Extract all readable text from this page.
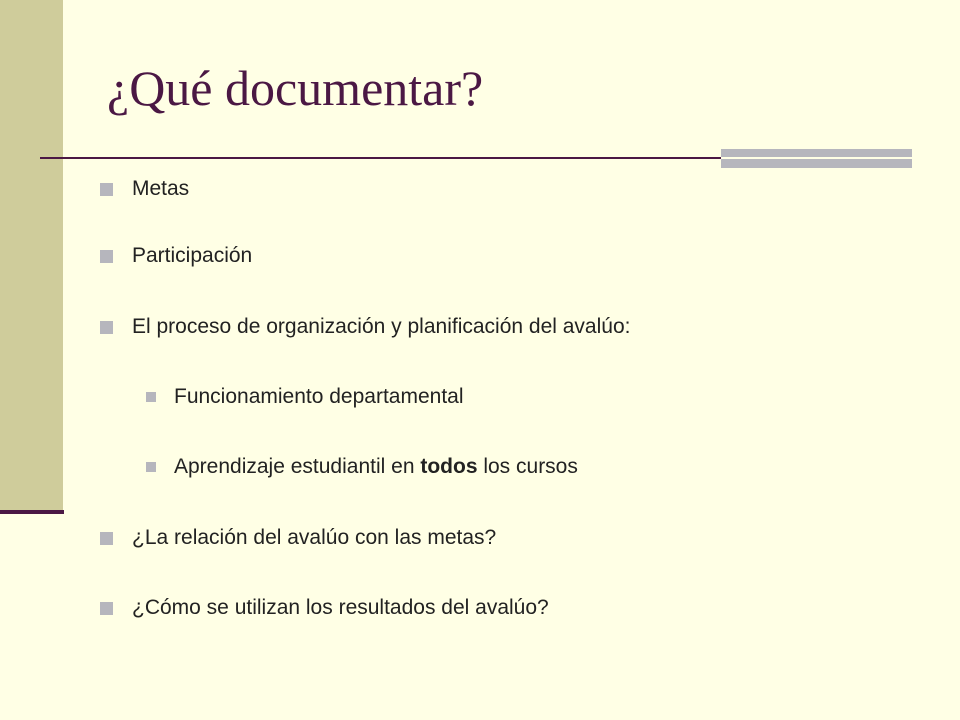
¿Qué documentar?
Metas
Participación
El proceso de organización y planificación del avalúo:
Funcionamiento departamental
Aprendizaje estudiantil en todos los cursos
¿La relación del avalúo con las metas?
¿Cómo se utilizan los resultados del avalúo?
